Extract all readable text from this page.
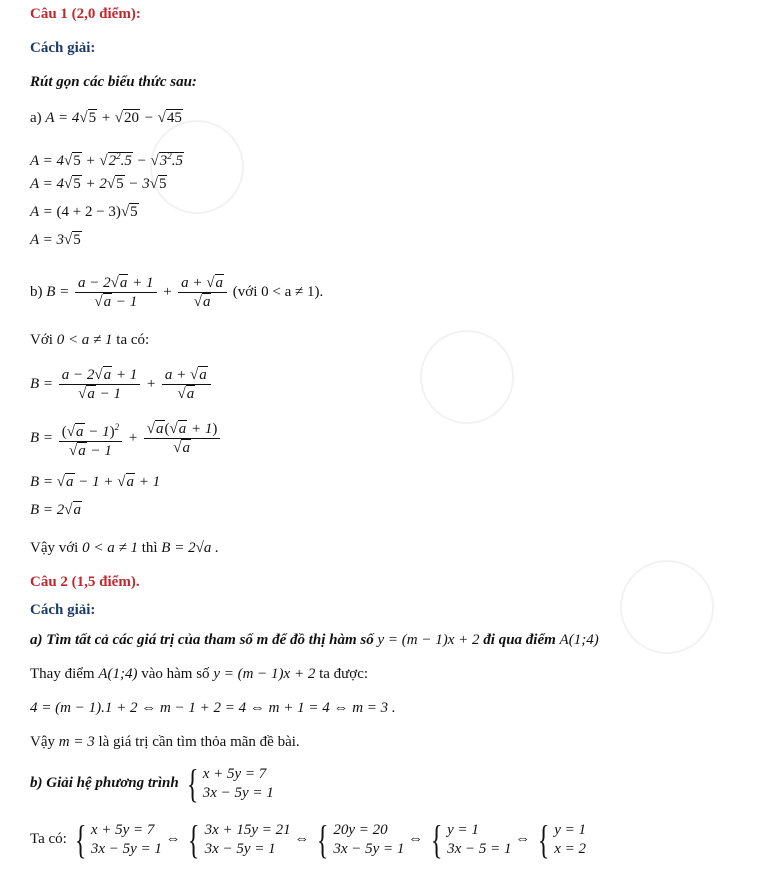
Câu 1 (2,0 điểm):
Cách giải:
Rút gọn các biểu thức sau:
a) A = 4√5 + √20 − √45
$A = 4√5 + √2^2.5 - √3^2.5$
A = 4√5 + 2√5 − 3√5
A = (4 + 2 − 3)√5
A = 3√5
b) $B = \frac{a - 2√a + 1}{√a - 1} + \frac{a + √a}{√a}$ (với 0 < a ≠ 1).
Với 0 < a ≠ 1 ta có:
$B = \frac{a - 2√a + 1}{√a - 1} + \frac{a + √a}{√a}$
$B = \frac{(√a - 1)^2}{√a - 1} + \frac{√a(√a + 1)}{√a}$
B = √a − 1 + √a + 1
B = 2√a
Vậy với 0 < a ≠ 1 thì B = 2√a .
Câu 2 (1,5 điểm).
Cách giải:
a) Tìm tất cả các giá trị của tham số m để đồ thị hàm số y = (m − 1)x + 2 đi qua điểm A(1;4)
Thay điểm A(1;4) vào hàm số y = (m − 1)x + 2 ta được:
4 = (m − 1).1 + 2 ⇔ m − 1 + 2 = 4 ⇔ m + 1 = 4 ⇔ m = 3 .
Vậy m = 3 là giá trị cần tìm thỏa mãn đề bài.
b) Giải hệ phương trình { x + 5y = 7
3x − 5y = 1
Ta có: { x + 5y = 7
3x − 5y = 1
⇔ { 3x + 15y = 21
3x − 5y = 1
⇔ { 20y = 20
3x − 5y = 1
⇔ { y = 1
3x − 5 = 1
⇔ { y = 1
x = 2
